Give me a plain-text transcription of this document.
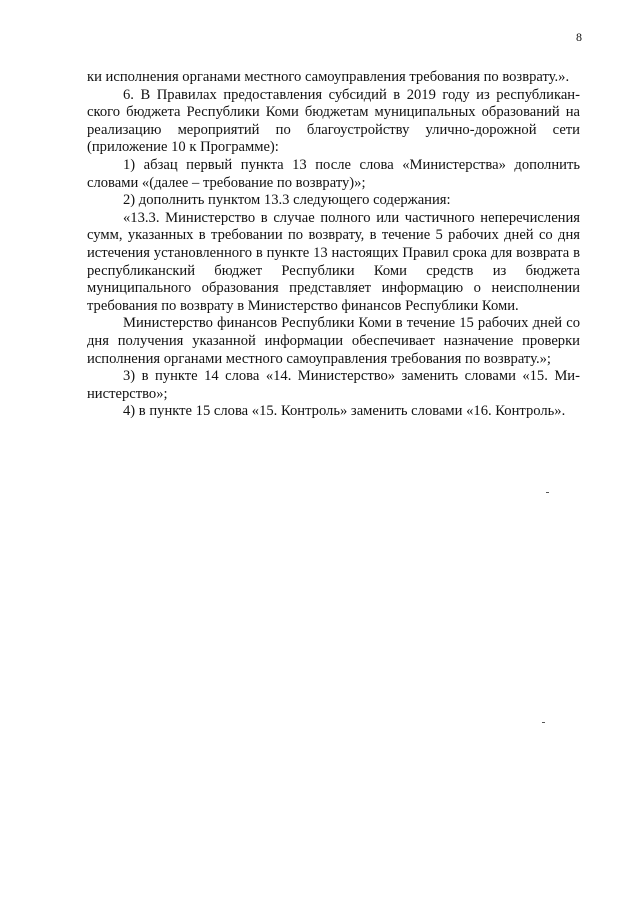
8

ки исполнения органами местного самоуправления требования по возврату.».

6. В Правилах предоставления субсидий в 2019 году из республиканского бюджета Республики Коми бюджетам муниципальных образований на реализацию мероприятий по благоустройству улично-дорожной сети (приложение 10 к Программе):

1) абзац первый пункта 13 после слова «Министерства» дополнить словами «(далее – требование по возврату)»;

2) дополнить пунктом 13.3 следующего содержания:

«13.3. Министерство в случае полного или частичного неперечисления сумм, указанных в требовании по возврату, в течение 5 рабочих дней со дня истечения установленного в пункте 13 настоящих Правил срока для возврата в республиканский бюджет Республики Коми средств из бюджета муниципального образования представляет информацию о неисполнении требования по возврату в Министерство финансов Республики Коми.

Министерство финансов Республики Коми в течение 15 рабочих дней со дня получения указанной информации обеспечивает назначение проверки исполнения органами местного самоуправления требования по возврату.»;

3) в пункте 14 слова «14. Министерство» заменить словами «15. Министерство»;

4) в пункте 15 слова «15. Контроль» заменить словами «16. Контроль».
